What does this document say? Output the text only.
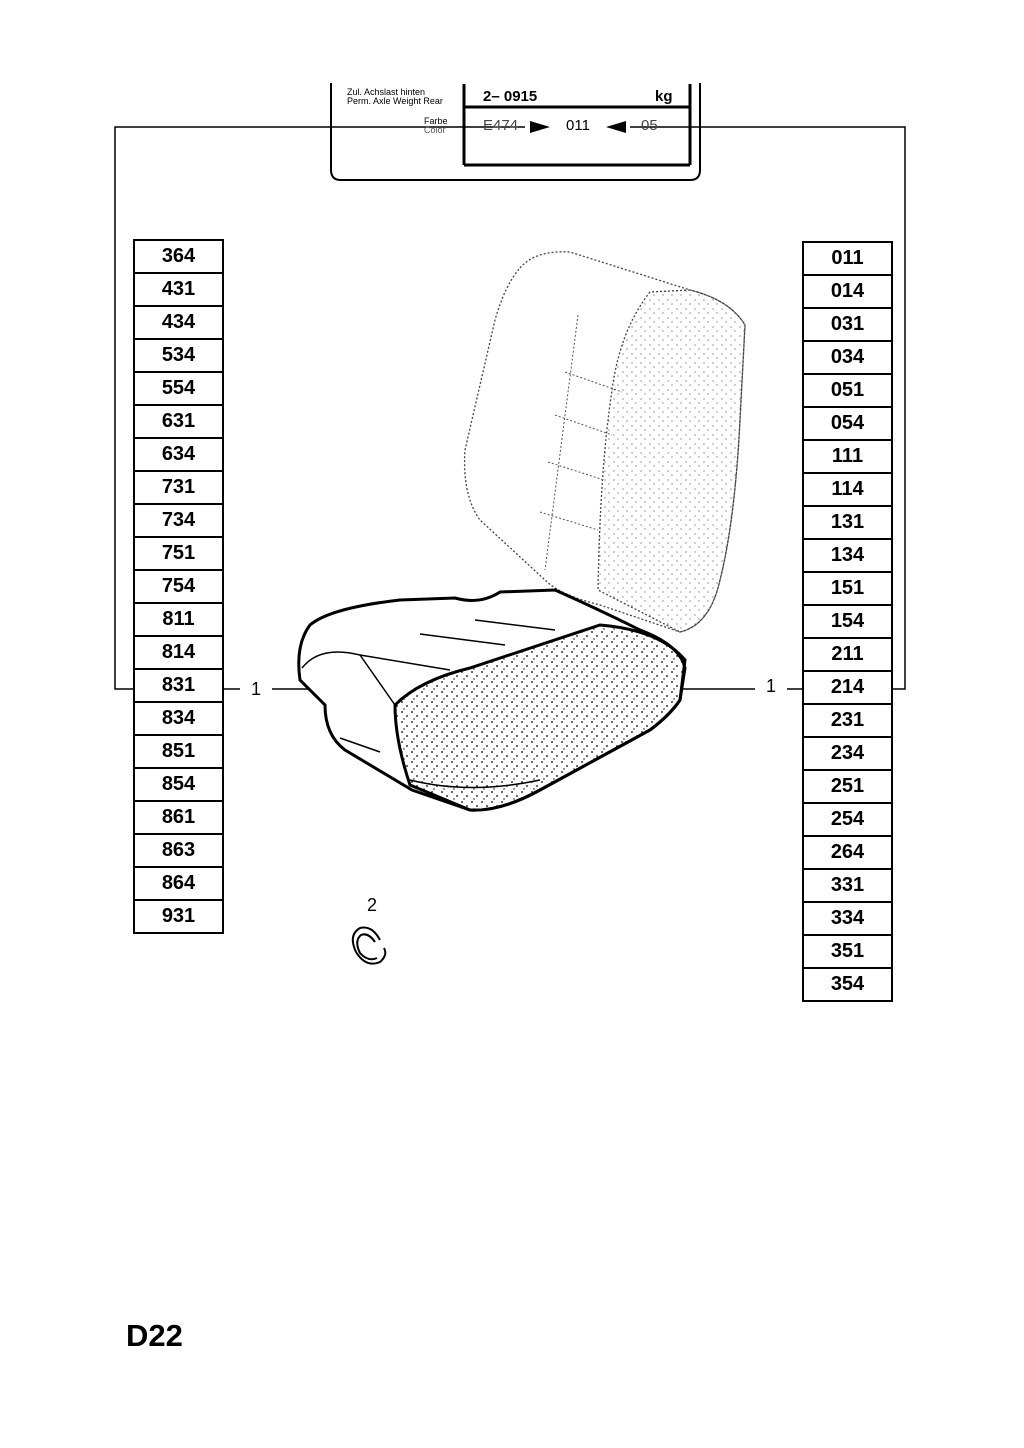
Zul. Achslast hinten
Perm. Axle Weight Rear	2– 0915	kg
Farbe
Color E474	011	05
364
431
434
534
554
631
634
731
734
751
754
811
814
831
834
851
854
861
863
864
931
011
014
031
034
051
054
111
114
131
134
151
154
211
214
231
234
251
254
264
331
334
351
354
1	1
2
D22
